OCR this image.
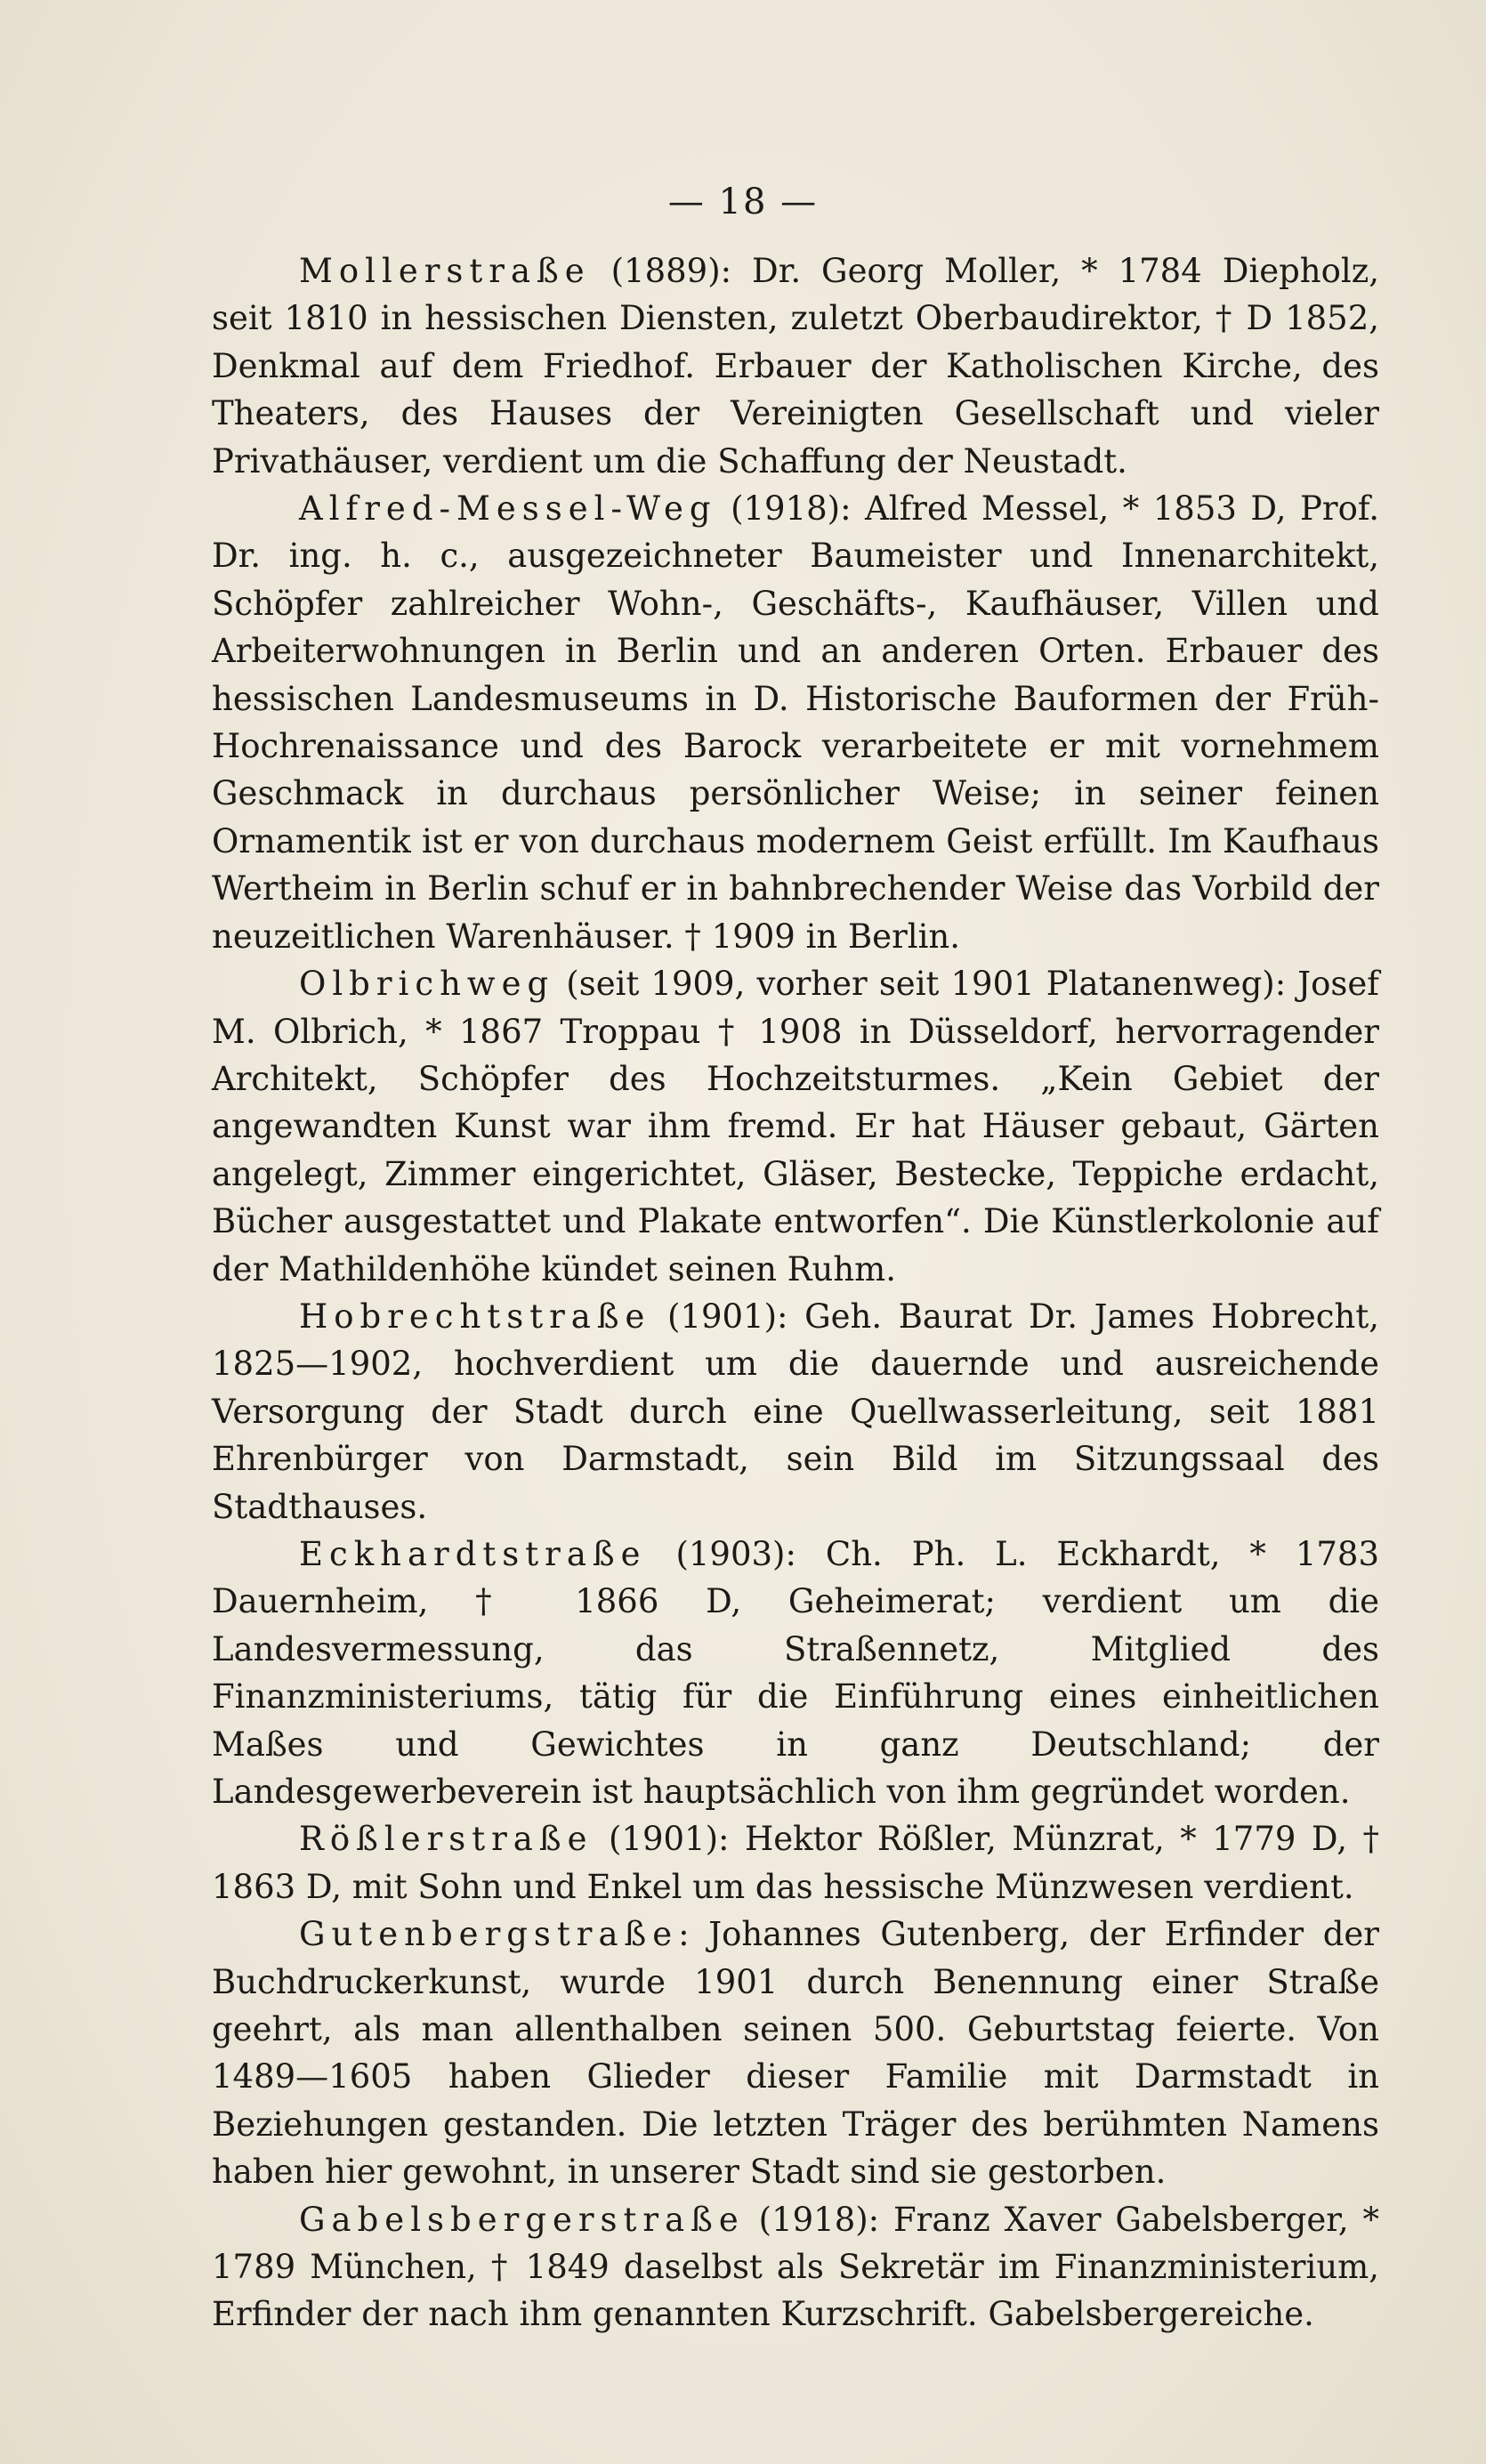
— 18 —

Mollerstraße (1889): Dr. Georg Moller, * 1784 Diepholz, seit 1810 in hessischen Diensten, zuletzt Oberbaudirektor, † D 1852, Denkmal auf dem Friedhof. Erbauer der Katholischen Kirche, des Theaters, des Hauses der Vereinigten Gesellschaft und vieler Privathäuser, verdient um die Schaffung der Neustadt.

Alfred-Messel-Weg (1918): Alfred Messel, * 1853 D, Prof. Dr. ing. h. c., ausgezeichneter Baumeister und Innenarchitekt, Schöpfer zahlreicher Wohn-, Geschäfts-, Kaufhäuser, Villen und Arbeiterwohnungen in Berlin und an anderen Orten. Erbauer des hessischen Landesmuseums in D. Historische Bauformen der Früh-Hochrenaissance und des Barock verarbeitete er mit vornehmem Geschmack in durchaus persönlicher Weise; in seiner feinen Ornamentik ist er von durchaus modernem Geist erfüllt. Im Kaufhaus Wertheim in Berlin schuf er in bahnbrechender Weise das Vorbild der neuzeitlichen Warenhäuser. † 1909 in Berlin.

Olbrichweg (seit 1909, vorher seit 1901 Platanenweg): Josef M. Olbrich, * 1867 Troppau † 1908 in Düsseldorf, hervorragender Architekt, Schöpfer des Hochzeitsturmes. „Kein Gebiet der angewandten Kunst war ihm fremd. Er hat Häuser gebaut, Gärten angelegt, Zimmer eingerichtet, Gläser, Bestecke, Teppiche erdacht, Bücher ausgestattet und Plakate entworfen“. Die Künstlerkolonie auf der Mathildenhöhe kündet seinen Ruhm.

Hobrechtstraße (1901): Geh. Baurat Dr. James Hobrecht, 1825—1902, hochverdient um die dauernde und ausreichende Versorgung der Stadt durch eine Quellwasserleitung, seit 1881 Ehrenbürger von Darmstadt, sein Bild im Sitzungssaal des Stadthauses.

Eckhardtstraße (1903): Ch. Ph. L. Eckhardt, * 1783 Dauernheim, † 1866 D, Geheimerat; verdient um die Landesvermessung, das Straßennetz, Mitglied des Finanzministeriums, tätig für die Einführung eines einheitlichen Maßes und Gewichtes in ganz Deutschland; der Landesgewerbeverein ist hauptsächlich von ihm gegründet worden.

Rößlerstraße (1901): Hektor Rößler, Münzrat, * 1779 D, † 1863 D, mit Sohn und Enkel um das hessische Münzwesen verdient.

Gutenbergstraße: Johannes Gutenberg, der Erfinder der Buchdruckerkunst, wurde 1901 durch Benennung einer Straße geehrt, als man allenthalben seinen 500. Geburtstag feierte. Von 1489—1605 haben Glieder dieser Familie mit Darmstadt in Beziehungen gestanden. Die letzten Träger des berühmten Namens haben hier gewohnt, in unserer Stadt sind sie gestorben.

Gabelsbergerstraße (1918): Franz Xaver Gabelsberger, * 1789 München, † 1849 daselbst als Sekretär im Finanzministerium, Erfinder der nach ihm genannten Kurzschrift. Gabelsbergereiche.
